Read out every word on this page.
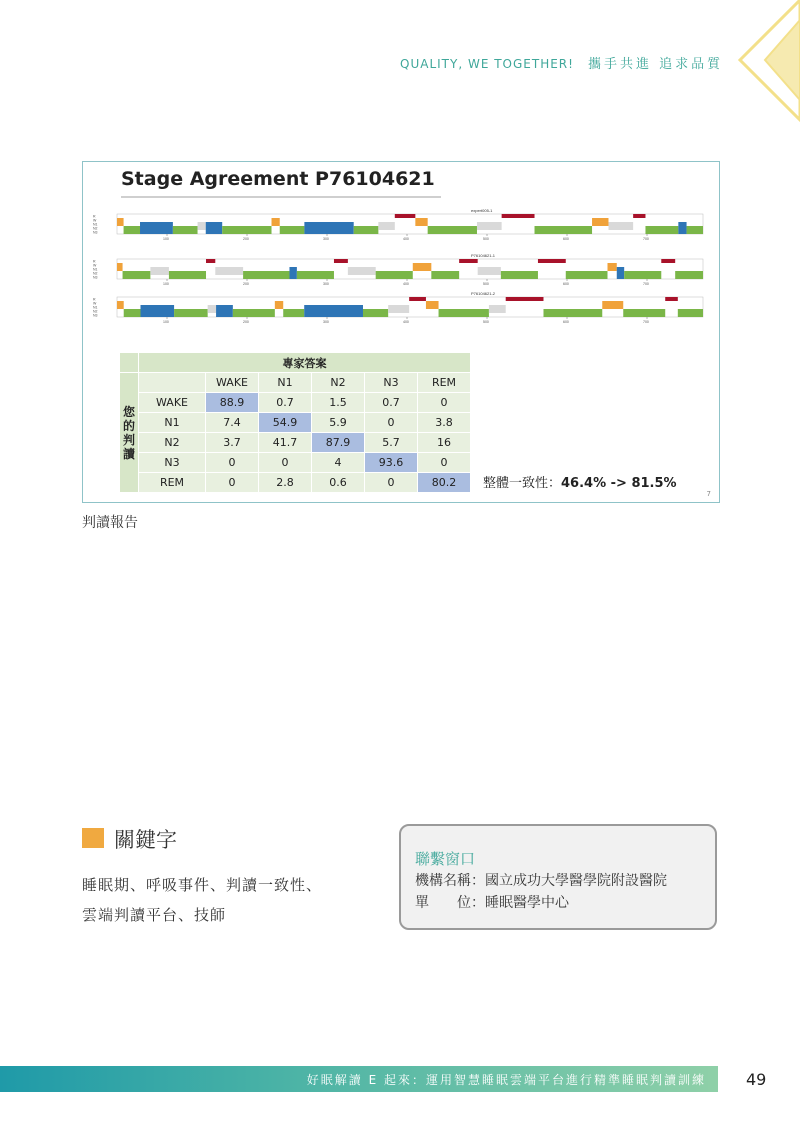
QUALITY, WE TOGETHER! 攜手共進 追求品質
Stage Agreement P76104621
expert005-1
R
W
N1
N2
N3
100	200	300	400	500	600	700
P76104621-1
R
W
N1
N2
N3
100	200	300	400	500	600	700
P76104621-2
R
W
N1
N2
N3
100	200	300	400	500	600	700
	專家答案					

您
的
判
讀		WAKE	N1	N2	N3	REM
	WAKE	88.9	0.7	1.5	0.7	0
	N1	7.4	54.9	5.9	0	3.8
	N2	3.7	41.7	87.9	5.7	16
	N3	0	0	4	93.6	0
	REM	0	2.8	0.6	0	80.2 整體一致性：46.4% -> 81.5%
7
判讀報告
關鍵字
睡眠期、呼吸事件、判讀一致性、
雲端判讀平台、技師
聯繫窗口
機構名稱：國立成功大學醫學院附設醫院
單　　位：睡眠醫學中心
好眠解讀 E 起來：運用智慧睡眠雲端平台進行精準睡眠判讀訓練	49
